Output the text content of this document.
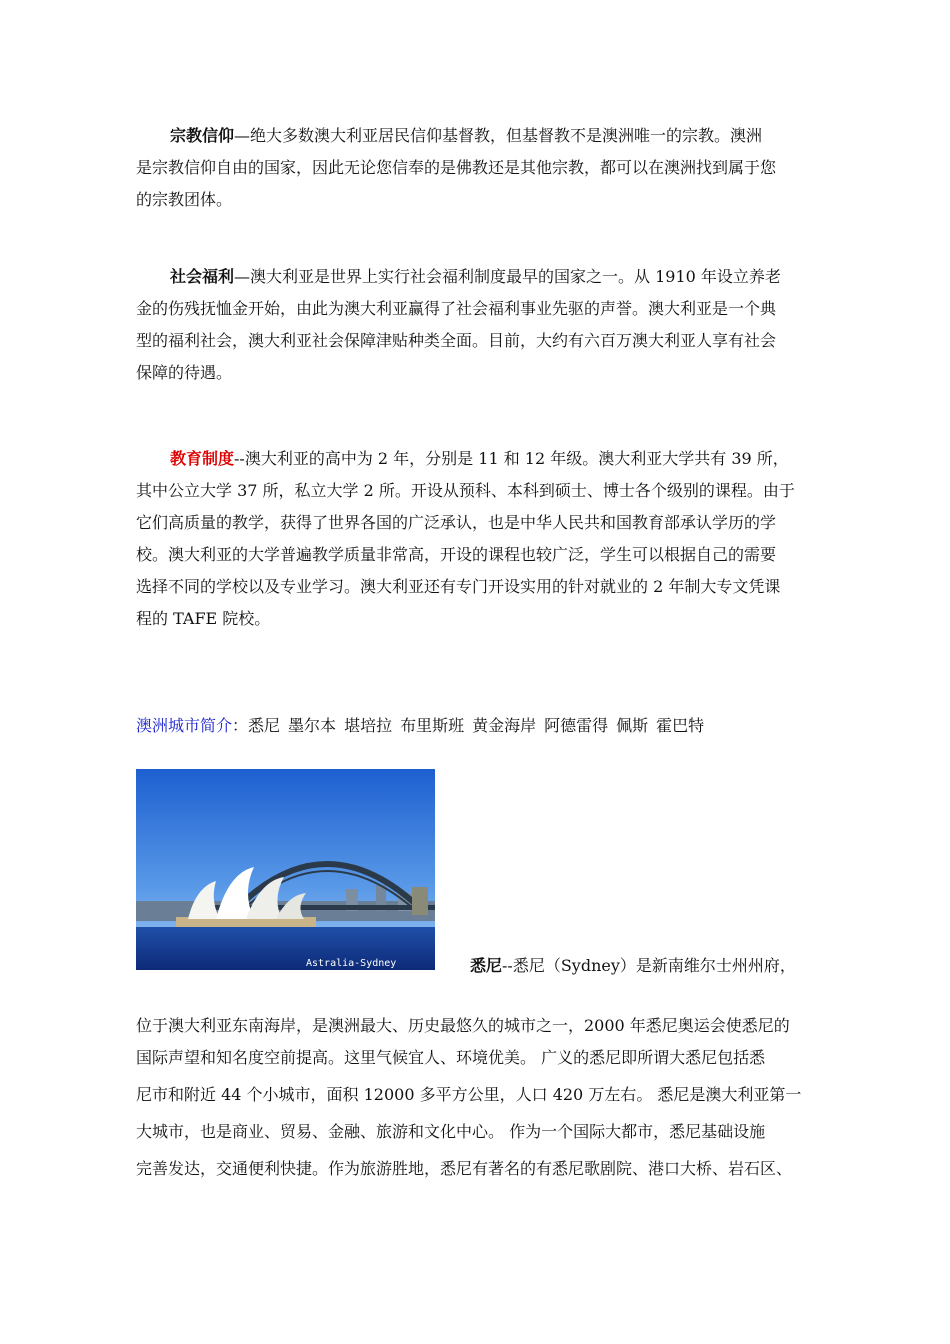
宗教信仰—绝大多数澳大利亚居民信仰基督教，但基督教不是澳洲唯一的宗教。澳洲
是宗教信仰自由的国家，因此无论您信奉的是佛教还是其他宗教，都可以在澳洲找到属于您
的宗教团体。
社会福利—澳大利亚是世界上实行社会福利制度最早的国家之一。从 1910 年设立养老
金的伤残抚恤金开始，由此为澳大利亚赢得了社会福利事业先驱的声誉。澳大利亚是一个典
型的福利社会，澳大利亚社会保障津贴种类全面。目前，大约有六百万澳大利亚人享有社会
保障的待遇。
教育制度--澳大利亚的高中为 2 年，分别是 11 和 12 年级。澳大利亚大学共有 39 所，
其中公立大学 37 所，私立大学 2 所。开设从预科、本科到硕士、博士各个级别的课程。由于
它们高质量的教学，获得了世界各国的广泛承认，也是中华人民共和国教育部承认学历的学
校。澳大利亚的大学普遍教学质量非常高，开设的课程也较广泛，学生可以根据自己的需要
选择不同的学校以及专业学习。澳大利亚还有专门开设实用的针对就业的 2 年制大专文凭课
程的 TAFE 院校。
澳洲城市简介：悉尼 墨尔本 堪培拉 布里斯班 黄金海岸 阿德雷得 佩斯 霍巴特
Astralia-Sydney	悉尼--悉尼（Sydney）是新南维尔士州州府，
位于澳大利亚东南海岸，是澳洲最大、历史最悠久的城市之一，2000 年悉尼奥运会使悉尼的
国际声望和知名度空前提高。这里气候宜人、环境优美。 广义的悉尼即所谓大悉尼包括悉
尼市和附近 44 个小城市，面积 12000 多平方公里，人口 420 万左右。 悉尼是澳大利亚第一
大城市，也是商业、贸易、金融、旅游和文化中心。 作为一个国际大都市，悉尼基础设施
完善发达，交通便利快捷。作为旅游胜地，悉尼有著名的有悉尼歌剧院、港口大桥、岩石区、
